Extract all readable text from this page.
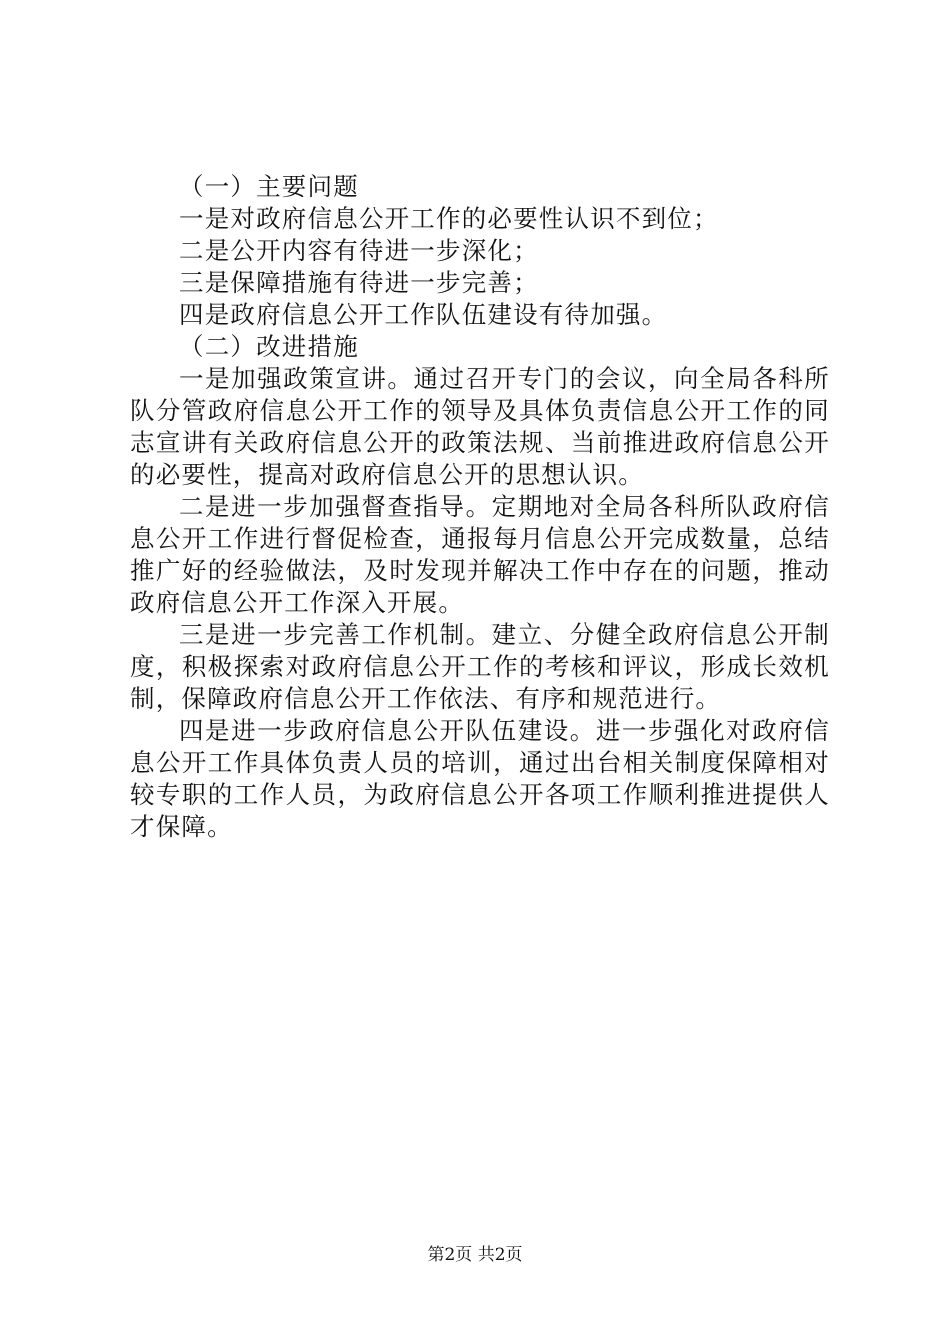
（一）主要问题

一是对政府信息公开工作的必要性认识不到位；

二是公开内容有待进一步深化；

三是保障措施有待进一步完善；

四是政府信息公开工作队伍建设有待加强。

（二）改进措施

一是加强政策宣讲。通过召开专门的会议，向全局各科所队分管政府信息公开工作的领导及具体负责信息公开工作的同志宣讲有关政府信息公开的政策法规、当前推进政府信息公开的必要性，提高对政府信息公开的思想认识。

二是进一步加强督查指导。定期地对全局各科所队政府信息公开工作进行督促检查，通报每月信息公开完成数量，总结推广好的经验做法，及时发现并解决工作中存在的问题，推动政府信息公开工作深入开展。

三是进一步完善工作机制。建立、分健全政府信息公开制度，积极探索对政府信息公开工作的考核和评议，形成长效机制，保障政府信息公开工作依法、有序和规范进行。

四是进一步政府信息公开队伍建设。进一步强化对政府信息公开工作具体负责人员的培训，通过出台相关制度保障相对较专职的工作人员，为政府信息公开各项工作顺利推进提供人才保障。

第2页 共2页
